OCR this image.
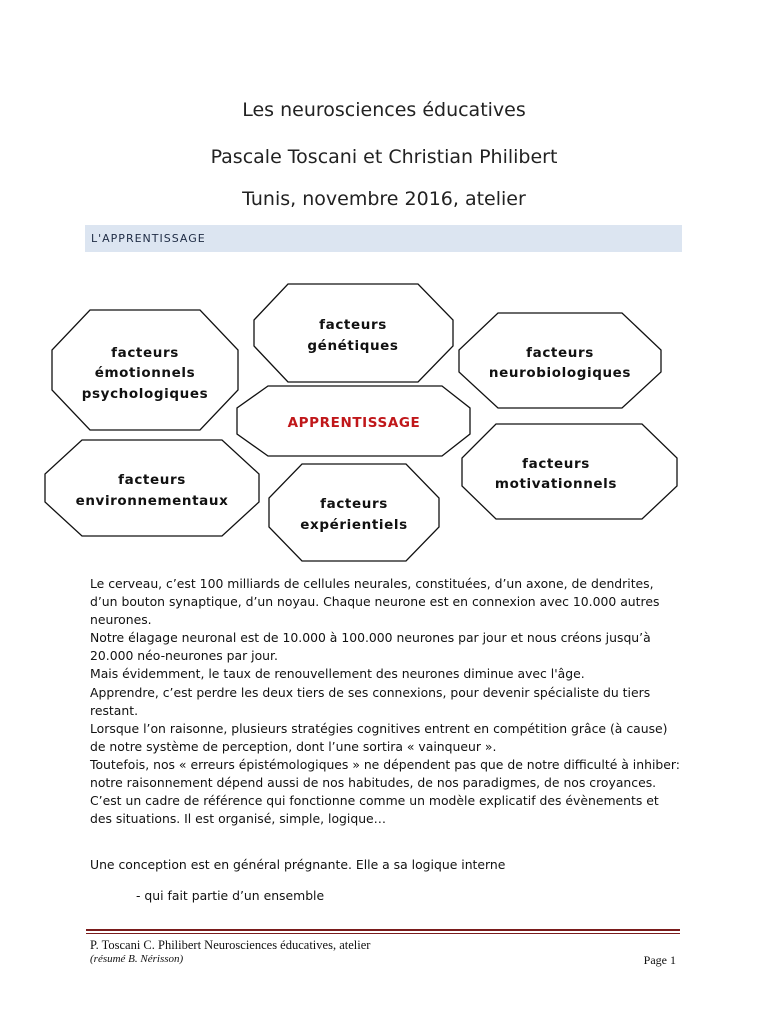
Les neurosciences éducatives
Pascale Toscani et Christian Philibert
Tunis, novembre 2016, atelier
L'APPRENTISSAGE
facteurs
émotionnels
psychologiques
facteurs
génétiques	facteurs
neurobiologiques
APPRENTISSAGE
facteurs
environnementaux	facteurs
expérientiels
facteurs
motivationnels

Le cerveau, c’est 100 milliards de cellules neurales, constituées, d’un axone, de dendrites, d’un bouton synaptique, d’un noyau. Chaque neurone est en connexion avec 10.000 autres neurones.

Notre élagage neuronal est de 10.000 à 100.000 neurones par jour et nous créons jusqu’à 20.000 néo-neurones par jour.

Mais évidemment, le taux de renouvellement des neurones diminue avec l'âge.

Apprendre, c’est perdre les deux tiers de ses connexions, pour devenir spécialiste du tiers restant.

Lorsque l’on raisonne, plusieurs stratégies cognitives entrent en compétition grâce (à cause) de notre système de perception, dont l’une sortira « vainqueur ».

Toutefois, nos « erreurs épistémologiques » ne dépendent pas que de notre difficulté à inhiber: notre raisonnement dépend aussi de nos habitudes, de nos paradigmes, de nos croyances.

C’est un cadre de référence qui fonctionne comme un modèle explicatif des évènements et des situations. Il est organisé, simple, logique…

Une conception est en général prégnante. Elle a sa logique interne
- qui fait partie d’un ensemble
P. Toscani C. Philibert Neurosciences éducatives, atelier
(résumé B. Nérisson)	Page 1
